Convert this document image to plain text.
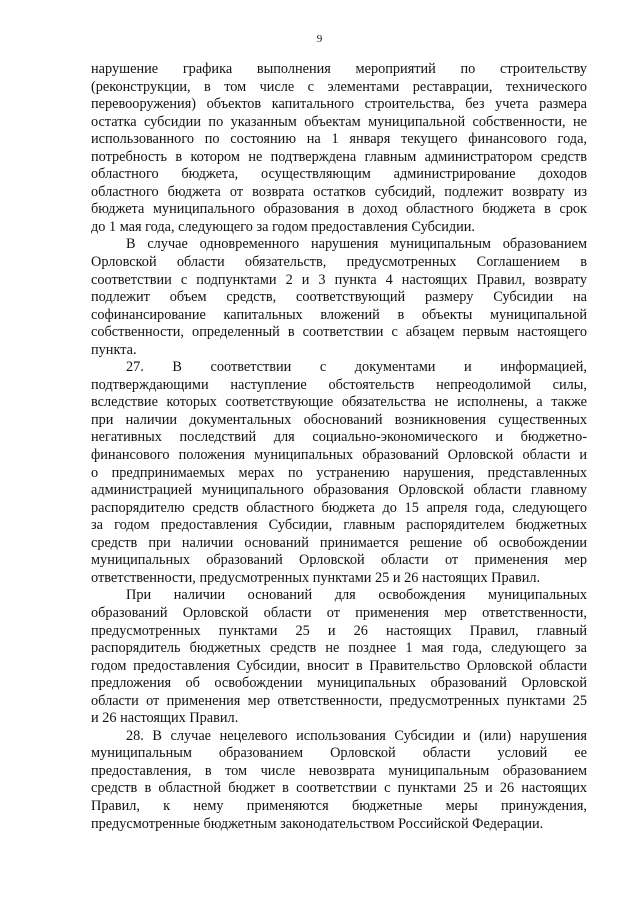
9
нарушение графика выполнения мероприятий по строительству
(реконструкции, в том числе с элементами реставрации, технического
перевооружения) объектов капитального строительства, без учета размера
остатка субсидии по указанным объектам муниципальной собственности, не
использованного по состоянию на 1 января текущего финансового года,
потребность в котором не подтверждена главным администратором средств
областного бюджета, осуществляющим администрирование доходов
областного бюджета от возврата остатков субсидий, подлежит возврату из
бюджета муниципального образования в доход областного бюджета в срок
до 1 мая года, следующего за годом предоставления Субсидии.
В случае одновременного нарушения муниципальным образованием
Орловской области обязательств, предусмотренных Соглашением в
соответствии с подпунктами 2 и 3 пункта 4 настоящих Правил, возврату
подлежит объем средств, соответствующий размеру Субсидии на
софинансирование капитальных вложений в объекты муниципальной
собственности, определенный в соответствии с абзацем первым настоящего
пункта.
27. В соответствии с документами и информацией,
подтверждающими наступление обстоятельств непреодолимой силы,
вследствие которых соответствующие обязательства не исполнены, а также
при наличии документальных обоснований возникновения существенных
негативных последствий для социально-экономического и бюджетно-
финансового положения муниципальных образований Орловской области и
о предпринимаемых мерах по устранению нарушения, представленных
администрацией муниципального образования Орловской области главному
распорядителю средств областного бюджета до 15 апреля года, следующего
за годом предоставления Субсидии, главным распорядителем бюджетных
средств при наличии оснований принимается решение об освобождении
муниципальных образований Орловской области от применения мер
ответственности, предусмотренных пунктами 25 и 26 настоящих Правил.
При наличии оснований для освобождения муниципальных
образований Орловской области от применения мер ответственности,
предусмотренных пунктами 25 и 26 настоящих Правил, главный
распорядитель бюджетных средств не позднее 1 мая года, следующего за
годом предоставления Субсидии, вносит в Правительство Орловской области
предложения об освобождении муниципальных образований Орловской
области от применения мер ответственности, предусмотренных пунктами 25
и 26 настоящих Правил.
28. В случае нецелевого использования Субсидии и (или) нарушения
муниципальным образованием Орловской области условий ее
предоставления, в том числе невозврата муниципальным образованием
средств в областной бюджет в соответствии с пунктами 25 и 26 настоящих
Правил, к нему применяются бюджетные меры принуждения,
предусмотренные бюджетным законодательством Российской Федерации.
